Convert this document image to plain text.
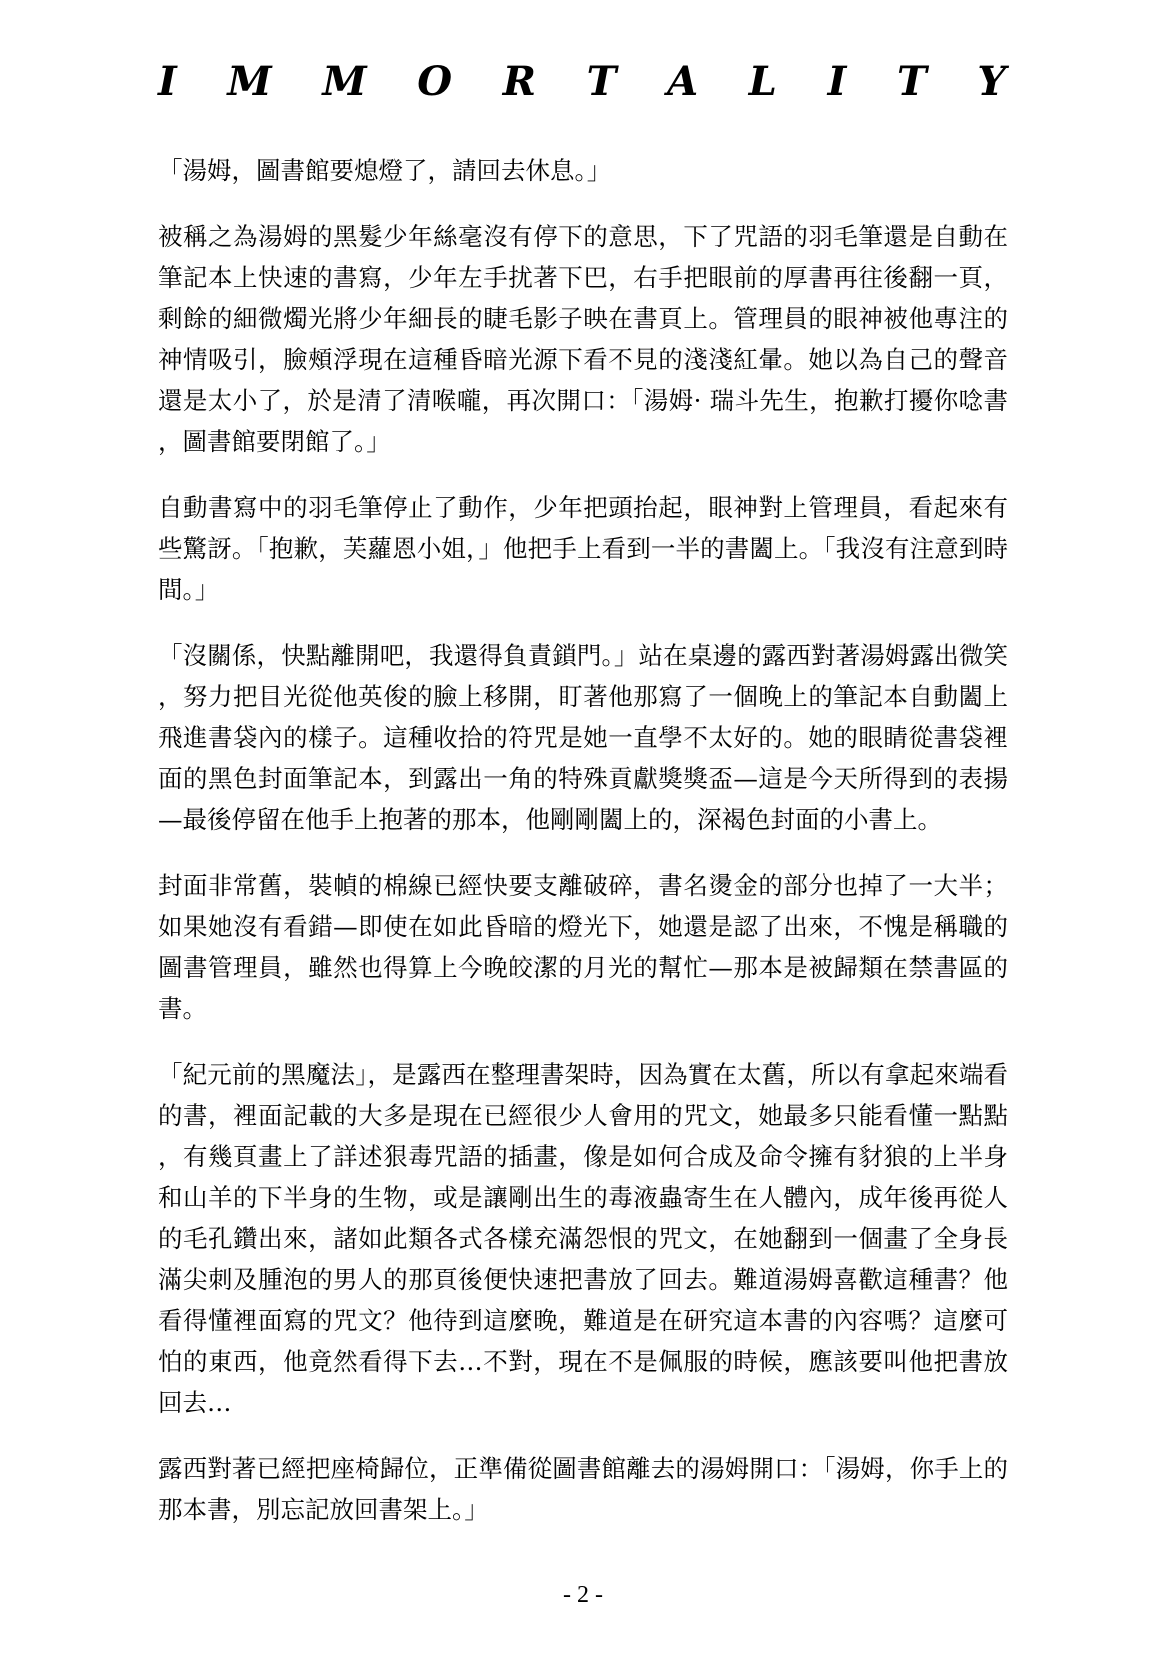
I M M O R T A L I T Y

「湯姆，圖書館要熄燈了，請回去休息。」

被稱之為湯姆的黑髮少年絲毫沒有停下的意思，下了咒語的羽毛筆還是自動在筆記本上快速的書寫，少年左手扰著下巴，右手把眼前的厚書再往後翻一頁，剩餘的細微燭光將少年細長的睫毛影子映在書頁上。管理員的眼神被他專注的神情吸引，臉頰浮現在這種昏暗光源下看不見的淺淺紅暈。她以為自己的聲音還是太小了，於是清了清喉嚨，再次開口：「湯姆· 瑞斗先生，抱歉打擾你唸書，圖書館要閉館了。」

自動書寫中的羽毛筆停止了動作，少年把頭抬起，眼神對上管理員，看起來有些驚訝。「抱歉，芙蘿恩小姐，」他把手上看到一半的書闔上。「我沒有注意到時間。」

「沒關係，快點離開吧，我還得負責鎖門。」站在桌邊的露西對著湯姆露出微笑，努力把目光從他英俊的臉上移開，盯著他那寫了一個晚上的筆記本自動闔上飛進書袋內的樣子。這種收拾的符咒是她一直學不太好的。她的眼睛從書袋裡面的黑色封面筆記本，到露出一角的特殊貢獻獎獎盃—這是今天所得到的表揚—最後停留在他手上抱著的那本，他剛剛闔上的，深褐色封面的小書上。

封面非常舊，裝幀的棉線已經快要支離破碎，書名燙金的部分也掉了一大半；如果她沒有看錯—即使在如此昏暗的燈光下，她還是認了出來，不愧是稱職的圖書管理員，雖然也得算上今晚皎潔的月光的幫忙—那本是被歸類在禁書區的書。

「紀元前的黑魔法」，是露西在整理書架時，因為實在太舊，所以有拿起來端看的書，裡面記載的大多是現在已經很少人會用的咒文，她最多只能看懂一點點，有幾頁畫上了詳述狠毒咒語的插畫，像是如何合成及命令擁有豺狼的上半身和山羊的下半身的生物，或是讓剛出生的毒液蟲寄生在人體內，成年後再從人的毛孔鑽出來，諸如此類各式各樣充滿怨恨的咒文，在她翻到一個畫了全身長滿尖刺及腫泡的男人的那頁後便快速把書放了回去。難道湯姆喜歡這種書？他看得懂裡面寫的咒文？他待到這麼晚，難道是在研究這本書的內容嗎？這麼可怕的東西，他竟然看得下去…不對，現在不是佩服的時候，應該要叫他把書放回去…

露西對著已經把座椅歸位，正準備從圖書館離去的湯姆開口：「湯姆，你手上的那本書，別忘記放回書架上。」

- 2 -
